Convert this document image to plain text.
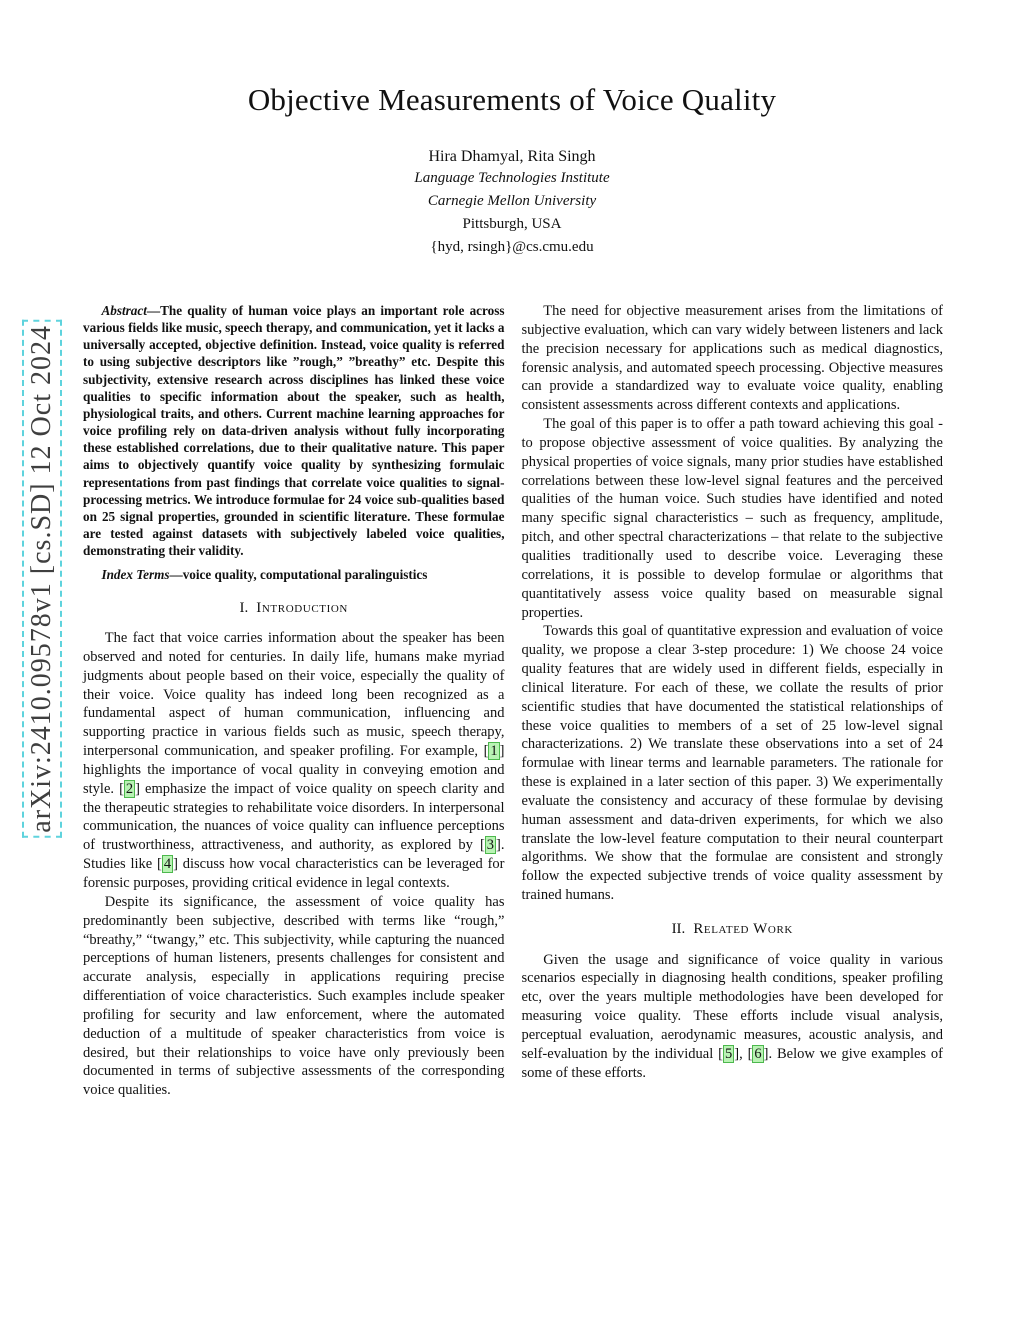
arXiv:2410.09578v1 [cs.SD] 12 Oct 2024
Objective Measurements of Voice Quality
Hira Dhamyal, Rita Singh
Language Technologies Institute
Carnegie Mellon University
Pittsburgh, USA
{hyd, rsingh}@cs.cmu.edu

Abstract—The quality of human voice plays an important role across various fields like music, speech therapy, and communication, yet it lacks a universally accepted, objective definition. Instead, voice quality is referred to using subjective descriptors like ”rough,” ”breathy” etc. Despite this subjectivity, extensive research across disciplines has linked these voice qualities to specific information about the speaker, such as health, physiological traits, and others. Current machine learning approaches for voice profiling rely on data-driven analysis without fully incorporating these established correlations, due to their qualitative nature. This paper aims to objectively quantify voice quality by synthesizing formulaic representations from past findings that correlate voice qualities to signal-processing metrics. We introduce formulae for 24 voice sub-qualities based on 25 signal properties, grounded in scientific literature. These formulae are tested against datasets with subjectively labeled voice qualities, demonstrating their validity.

Index Terms—voice quality, computational paralinguistics

I. Introduction

The fact that voice carries information about the speaker has been observed and noted for centuries. In daily life, humans make myriad judgments about people based on their voice, especially the quality of their voice. Voice quality has indeed long been recognized as a fundamental aspect of human communication, influencing and supporting practice in various fields such as music, speech therapy, interpersonal communication, and speaker profiling. For example, [ 1 ] highlights the importance of vocal quality in conveying emotion and style. [ 2 ] emphasize the impact of voice quality on speech clarity and the therapeutic strategies to rehabilitate voice disorders. In interpersonal communication, the nuances of voice quality can influence perceptions of trustworthiness, attractiveness, and authority, as explored by [ 3 ]. Studies like [ 4 ] discuss how vocal characteristics can be leveraged for forensic purposes, providing critical evidence in legal contexts.

Despite its significance, the assessment of voice quality has predominantly been subjective, described with terms like “rough,” “breathy,” “twangy,” etc. This subjectivity, while capturing the nuanced perceptions of human listeners, presents challenges for consistent and accurate analysis, especially in applications requiring precise differentiation of voice characteristics. Such examples include speaker profiling for security and law enforcement, where the automated deduction of a multitude of speaker characteristics from voice is desired, but their relationships to voice have only previously been documented in terms of subjective assessments of the corresponding voice qualities.

The need for objective measurement arises from the limitations of subjective evaluation, which can vary widely between listeners and lack the precision necessary for applications such as medical diagnostics, forensic analysis, and automated speech processing. Objective measures can provide a standardized way to evaluate voice quality, enabling consistent assessments across different contexts and applications.

The goal of this paper is to offer a path toward achieving this goal - to propose objective assessment of voice qualities. By analyzing the physical properties of voice signals, many prior studies have established correlations between these low-level signal features and the perceived qualities of the human voice. Such studies have identified and noted many specific signal characteristics – such as frequency, amplitude, pitch, and other spectral characterizations – that relate to the subjective qualities traditionally used to describe voice. Leveraging these correlations, it is possible to develop formulae or algorithms that quantitatively assess voice quality based on measurable signal properties.

Towards this goal of quantitative expression and evaluation of voice quality, we propose a clear 3-step procedure: 1) We choose 24 voice quality features that are widely used in different fields, especially in clinical literature. For each of these, we collate the results of prior scientific studies that have documented the statistical relationships of these voice qualities to members of a set of 25 low-level signal characterizations. 2) We translate these observations into a set of 24 formulae with linear terms and learnable parameters. The rationale for these is explained in a later section of this paper. 3) We experimentally evaluate the consistency and accuracy of these formulae by devising human assessment and data-driven experiments, for which we also translate the low-level feature computation to their neural counterpart algorithms. We show that the formulae are consistent and strongly follow the expected subjective trends of voice quality assessment by trained humans.

II. Related Work

Given the usage and significance of voice quality in various scenarios especially in diagnosing health conditions, speaker profiling etc, over the years multiple methodologies have been developed for measuring voice quality. These efforts include visual analysis, perceptual evaluation, aerodynamic measures, acoustic analysis, and self-evaluation by the individual [ 5 ], [ 6 ]. Below we give examples of some of these efforts.
